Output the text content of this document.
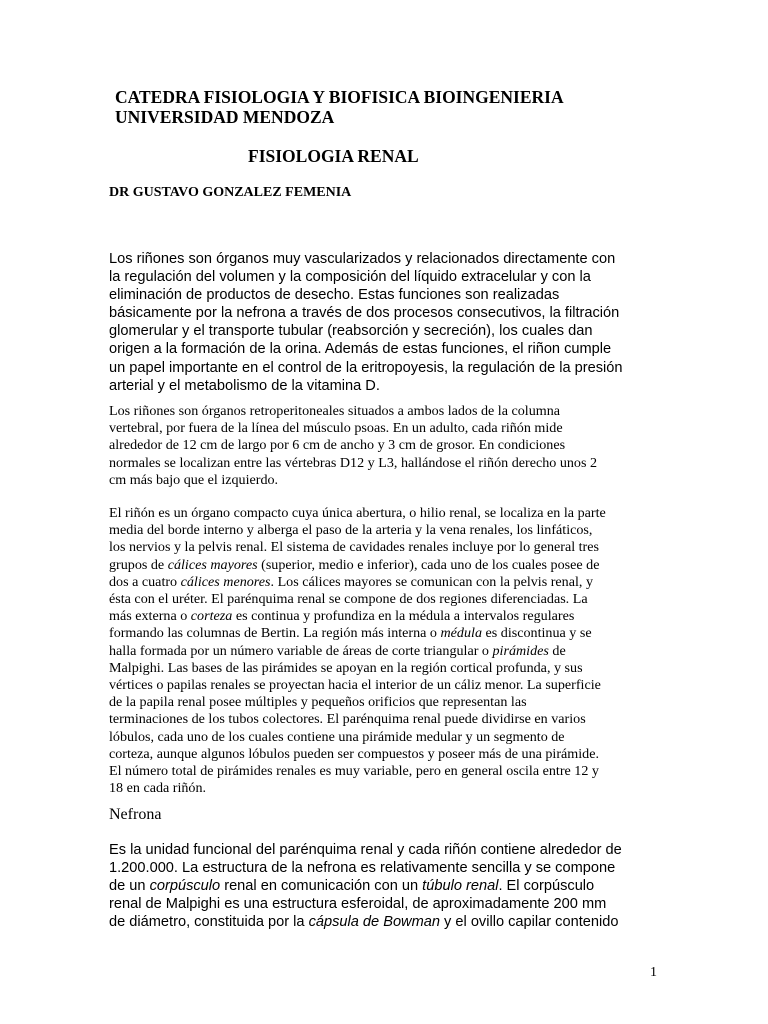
CATEDRA FISIOLOGIA Y BIOFISICA BIOINGENIERIA

UNIVERSIDAD MENDOZA

FISIOLOGIA RENAL

DR GUSTAVO GONZALEZ FEMENIA

Los riñones son órganos muy vascularizados y relacionados directamente con
la regulación del volumen y la composición del líquido extracelular y con la
eliminación de productos de desecho. Estas funciones son realizadas
básicamente por la nefrona a través de dos procesos consecutivos, la filtración
glomerular y el transporte tubular (reabsorción y secreción), los cuales dan
origen a la formación de la orina. Además de estas funciones, el riñon cumple
un papel importante en el control de la eritropoyesis, la regulación de la presión
arterial y el metabolismo de la vitamina D.
Los riñones son órganos retroperitoneales situados a ambos lados de la columna
vertebral, por fuera de la línea del músculo psoas. En un adulto, cada riñón mide
alrededor de 12 cm de largo por 6 cm de ancho y 3 cm de grosor. En condiciones
normales se localizan entre las vértebras D12 y L3, hallándose el riñón derecho unos 2
cm más bajo que el izquierdo.
El riñón es un órgano compacto cuya única abertura, o hilio renal, se localiza en la parte
media del borde interno y alberga el paso de la arteria y la vena renales, los linfáticos,
los nervios y la pelvis renal. El sistema de cavidades renales incluye por lo general tres
grupos de cálices mayores (superior, medio e inferior), cada uno de los cuales posee de
dos a cuatro cálices menores. Los cálices mayores se comunican con la pelvis renal, y
ésta con el uréter. El parénquima renal se compone de dos regiones diferenciadas. La
más externa o corteza es continua y profundiza en la médula a intervalos regulares
formando las columnas de Bertin. La región más interna o médula es discontinua y se
halla formada por un número variable de áreas de corte triangular o pirámides de
Malpighi. Las bases de las pirámides se apoyan en la región cortical profunda, y sus
vértices o papilas renales se proyectan hacia el interior de un cáliz menor. La superficie
de la papila renal posee múltiples y pequeños orificios que representan las
terminaciones de los tubos colectores. El parénquima renal puede dividirse en varios
lóbulos, cada uno de los cuales contiene una pirámide medular y un segmento de
corteza, aunque algunos lóbulos pueden ser compuestos y poseer más de una pirámide.
El número total de pirámides renales es muy variable, pero en general oscila entre 12 y
18 en cada riñón.

Nefrona

Es la unidad funcional del parénquima renal y cada riñón contiene alrededor de
1.200.000. La estructura de la nefrona es relativamente sencilla y se compone
de un corpúsculo renal en comunicación con un túbulo renal. El corpúsculo
renal de Malpighi es una estructura esferoidal, de aproximadamente 200 mm
de diámetro, constituida por la cápsula de Bowman y el ovillo capilar contenido

1
